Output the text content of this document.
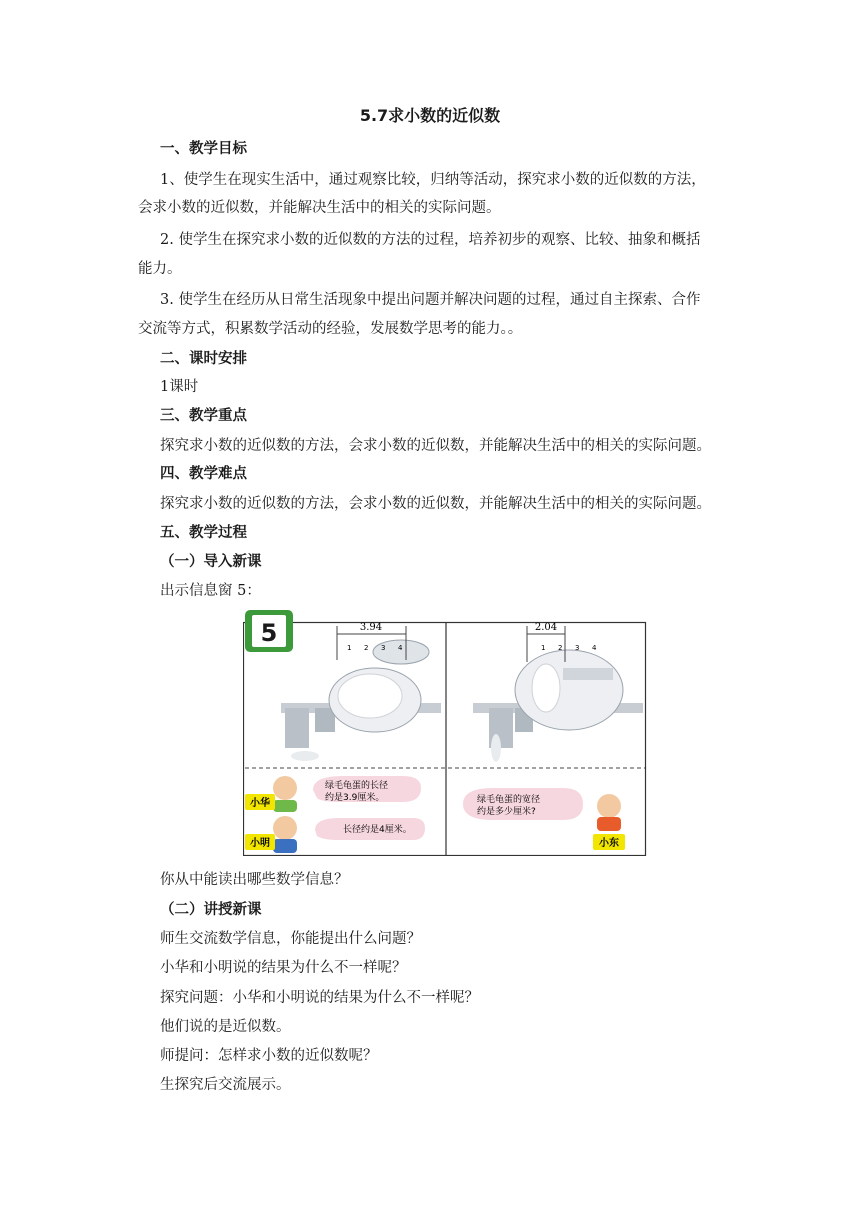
5.7求小数的近似数
一、教学目标
1、使学生在现实生活中，通过观察比较，归纳等活动，探究求小数的近似数的方法，
会求小数的近似数，并能解决生活中的相关的实际问题。
2. 使学生在探究求小数的近似数的方法的过程，培养初步的观察、比较、抽象和概括
能力。
3. 使学生在经历从日常生活现象中提出问题并解决问题的过程，通过自主探索、合作
交流等方式，积累数学活动的经验，发展数学思考的能力。。
二、课时安排
1课时
三、教学重点
探究求小数的近似数的方法，会求小数的近似数，并能解决生活中的相关的实际问题。
四、教学难点
探究求小数的近似数的方法，会求小数的近似数，并能解决生活中的相关的实际问题。
五、教学过程
（一）导入新课
出示信息窗 5：
5	3.94	2.04
小华
绿毛龟蛋的长径
约是3.9厘米。
小明
长径约是4厘米。
小东
绿毛龟蛋的宽径
约是多少厘米?
1 2 3 4	1 2 3 4
你从中能读出哪些数学信息？
（二）讲授新课
师生交流数学信息，你能提出什么问题？
小华和小明说的结果为什么不一样呢？
探究问题：小华和小明说的结果为什么不一样呢？
他们说的是近似数。
师提问：怎样求小数的近似数呢？
生探究后交流展示。
